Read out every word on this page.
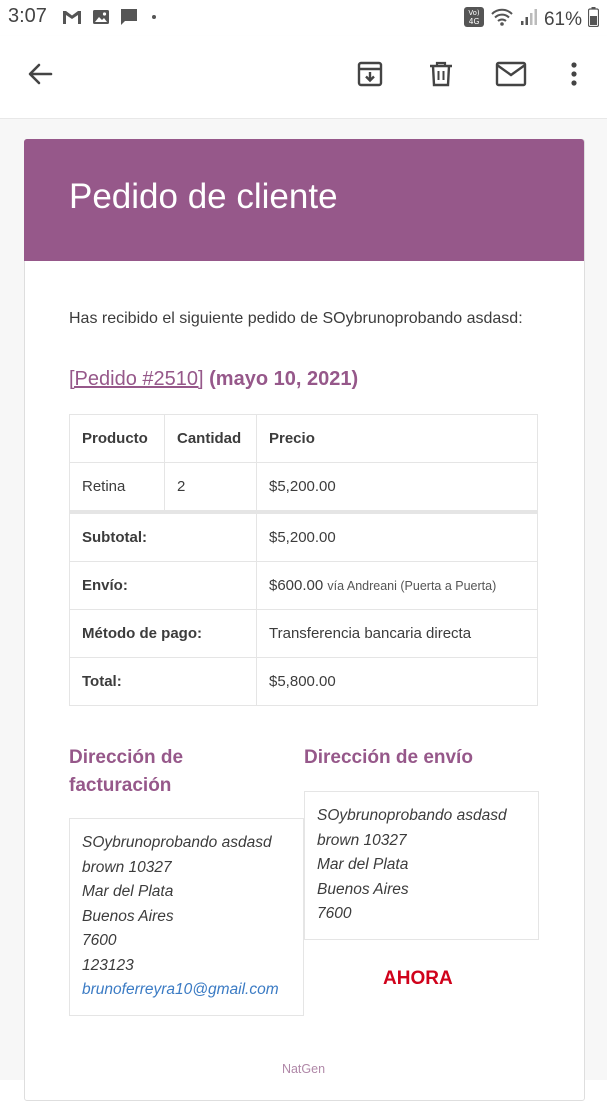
3:07	Vo)
4G	61%
Pedido de cliente
Has recibido el siguiente pedido de SOybrunoprobando asdasd:
[Pedido #2510] (mayo 10, 2021)
Producto	Cantidad	Precio
Retina	2	$5,200.00
Subtotal:		$5,200.00
Envío:		$600.00 vía Andreani (Puerta a Puerta)
Método de pago:		Transferencia bancaria directa
Total:		$5,800.00
Dirección de
facturación
SOybrunoprobando asdasd
brown 10327
Mar del Plata
Buenos Aires
7600
123123
brunoferreyra10@gmail.com
Dirección de envío
SOybrunoprobando asdasd
brown 10327
Mar del Plata
Buenos Aires
7600
AHORA
NatGen
